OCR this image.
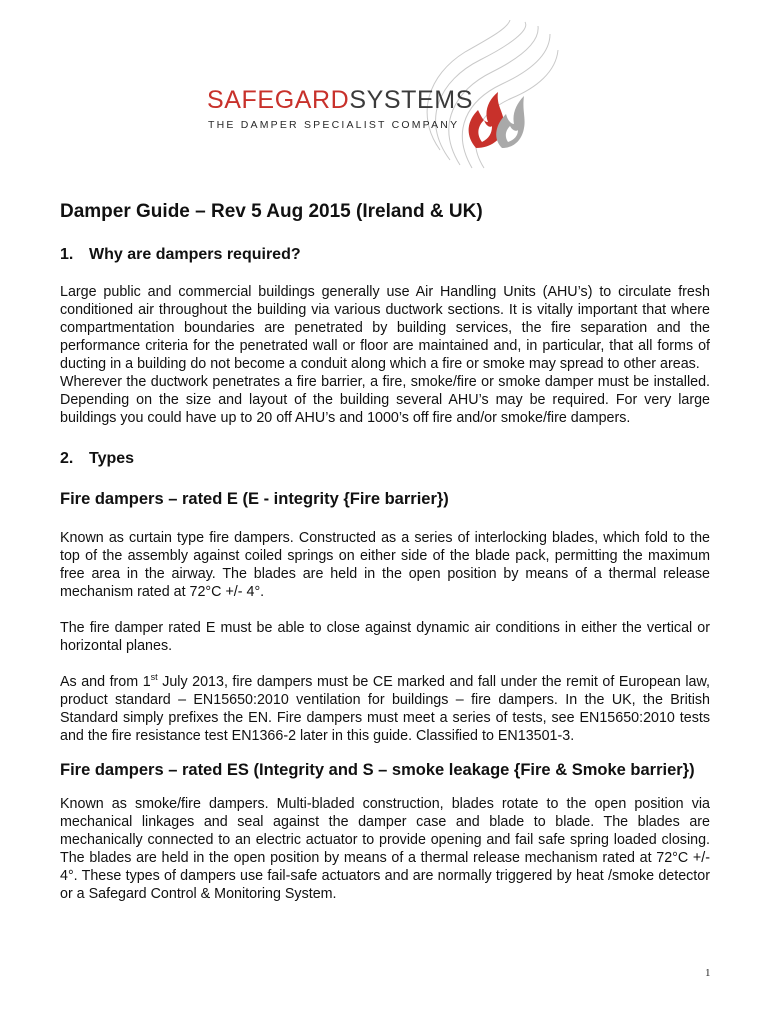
SAFEGARDSYSTEMS
THE DAMPER SPECIALIST COMPANY
Damper Guide – Rev 5 Aug 2015 (Ireland & UK)
1. Why are dampers required?

Large public and commercial buildings generally use Air Handling Units (AHU’s) to circulate fresh conditioned air throughout the building via various ductwork sections. It is vitally important that where compartmentation boundaries are penetrated by building services, the fire separation and the performance criteria for the penetrated wall or floor are maintained and, in particular, that all forms of ducting in a building do not become a conduit along which a fire or smoke may spread to other areas.

Wherever the ductwork penetrates a fire barrier, a fire, smoke/fire or smoke damper must be installed. Depending on the size and layout of the building several AHU’s may be required. For very large buildings you could have up to 20 off AHU’s and 1000’s off fire and/or smoke/fire dampers.

2. Types
Fire dampers – rated E (E - integrity {Fire barrier})

Known as curtain type fire dampers. Constructed as a series of interlocking blades, which fold to the top of the assembly against coiled springs on either side of the blade pack, permitting the maximum free area in the airway. The blades are held in the open position by means of a thermal release mechanism rated at 72°C +/- 4°.

The fire damper rated E must be able to close against dynamic air conditions in either the vertical or horizontal planes.

As and from 1st July 2013, fire dampers must be CE marked and fall under the remit of European law, product standard – EN15650:2010 ventilation for buildings – fire dampers. In the UK, the British Standard simply prefixes the EN. Fire dampers must meet a series of tests, see EN15650:2010 tests and the fire resistance test EN1366-2 later in this guide. Classified to EN13501-3.

Fire dampers – rated ES (Integrity and S – smoke leakage {Fire & Smoke barrier})

Known as smoke/fire dampers. Multi-bladed construction, blades rotate to the open position via mechanical linkages and seal against the damper case and blade to blade. The blades are mechanically connected to an electric actuator to provide opening and fail safe spring loaded closing. The blades are held in the open position by means of a thermal release mechanism rated at 72°C +/- 4°. These types of dampers use fail-safe actuators and are normally triggered by heat /smoke detector or a Safegard Control & Monitoring System.

1
